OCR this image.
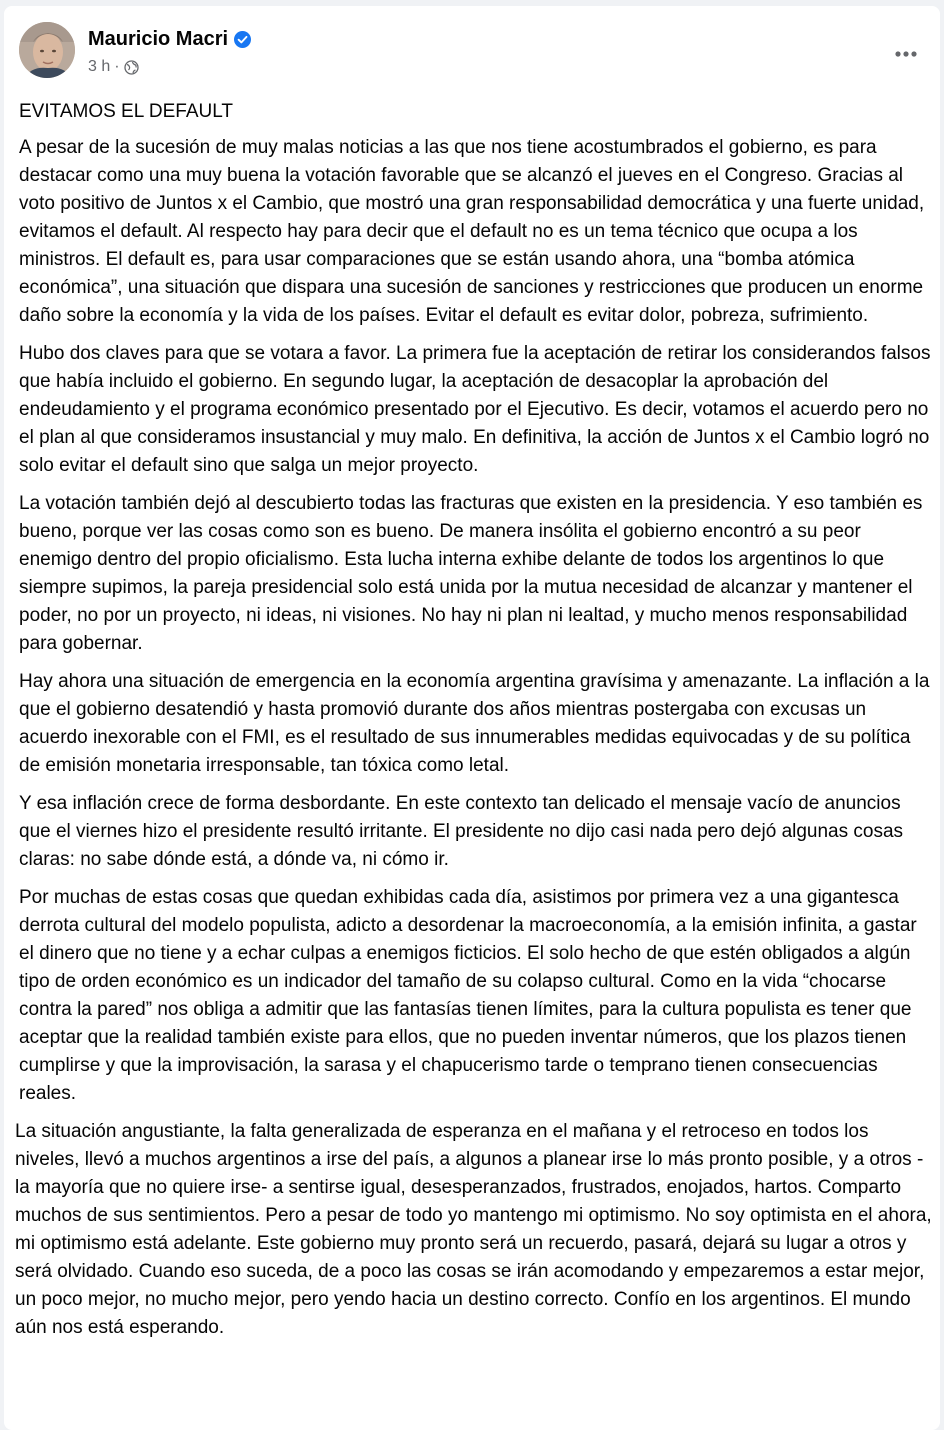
Mauricio Macri
3 h ·

EVITAMOS EL DEFAULT

A pesar de la sucesión de muy malas noticias a las que nos tiene acostumbrados el gobierno, es para destacar como una muy buena la votación favorable que se alcanzó el jueves en el Congreso. Gracias al voto positivo de Juntos x el Cambio, que mostró una gran responsabilidad democrática y una fuerte unidad, evitamos el default. Al respecto hay para decir que el default no es un tema técnico que ocupa a los ministros. El default es, para usar comparaciones que se están usando ahora, una “bomba atómica económica”, una situación que dispara una sucesión de sanciones y restricciones que producen un enorme daño sobre la economía y la vida de los países. Evitar el default es evitar dolor, pobreza, sufrimiento.

Hubo dos claves para que se votara a favor. La primera fue la aceptación de retirar los considerandos falsos que había incluido el gobierno. En segundo lugar, la aceptación de desacoplar la aprobación del endeudamiento y el programa económico presentado por el Ejecutivo. Es decir, votamos el acuerdo pero no el plan al que consideramos insustancial y muy malo. En definitiva, la acción de Juntos x el Cambio logró no solo evitar el default sino que salga un mejor proyecto.

La votación también dejó al descubierto todas las fracturas que existen en la presidencia. Y eso también es bueno, porque ver las cosas como son es bueno. De manera insólita el gobierno encontró a su peor enemigo dentro del propio oficialismo. Esta lucha interna exhibe delante de todos los argentinos lo que siempre supimos, la pareja presidencial solo está unida por la mutua necesidad de alcanzar y mantener el poder, no por un proyecto, ni ideas, ni visiones. No hay ni plan ni lealtad, y mucho menos responsabilidad para gobernar.

Hay ahora una situación de emergencia en la economía argentina gravísima y amenazante. La inflación a la que el gobierno desatendió y hasta promovió durante dos años mientras postergaba con excusas un acuerdo inexorable con el FMI, es el resultado de sus innumerables medidas equivocadas y de su política de emisión monetaria irresponsable, tan tóxica como letal.

Y esa inflación crece de forma desbordante. En este contexto tan delicado el mensaje vacío de anuncios que el viernes hizo el presidente resultó irritante. El presidente no dijo casi nada pero dejó algunas cosas claras: no sabe dónde está, a dónde va, ni cómo ir.

Por muchas de estas cosas que quedan exhibidas cada día, asistimos por primera vez a una gigantesca derrota cultural del modelo populista, adicto a desordenar la macroeconomía, a la emisión infinita, a gastar el dinero que no tiene y a echar culpas a enemigos ficticios. El solo hecho de que estén obligados a algún tipo de orden económico es un indicador del tamaño de su colapso cultural. Como en la vida “chocarse contra la pared” nos obliga a admitir que las fantasías tienen límites, para la cultura populista es tener que aceptar que la realidad también existe para ellos, que no pueden inventar números, que los plazos tienen cumplirse y que la improvisación, la sarasa y el chapucerismo tarde o temprano tienen consecuencias reales.

La situación angustiante, la falta generalizada de esperanza en el mañana y el retroceso en todos los niveles, llevó a muchos argentinos a irse del país, a algunos a planear irse lo más pronto posible, y a otros -la mayoría que no quiere irse- a sentirse igual, desesperanzados, frustrados, enojados, hartos. Comparto muchos de sus sentimientos. Pero a pesar de todo yo mantengo mi optimismo. No soy optimista en el ahora, mi optimismo está adelante. Este gobierno muy pronto será un recuerdo, pasará, dejará su lugar a otros y será olvidado. Cuando eso suceda, de a poco las cosas se irán acomodando y empezaremos a estar mejor, un poco mejor, no mucho mejor, pero yendo hacia un destino correcto. Confío en los argentinos. El mundo aún nos está esperando.
